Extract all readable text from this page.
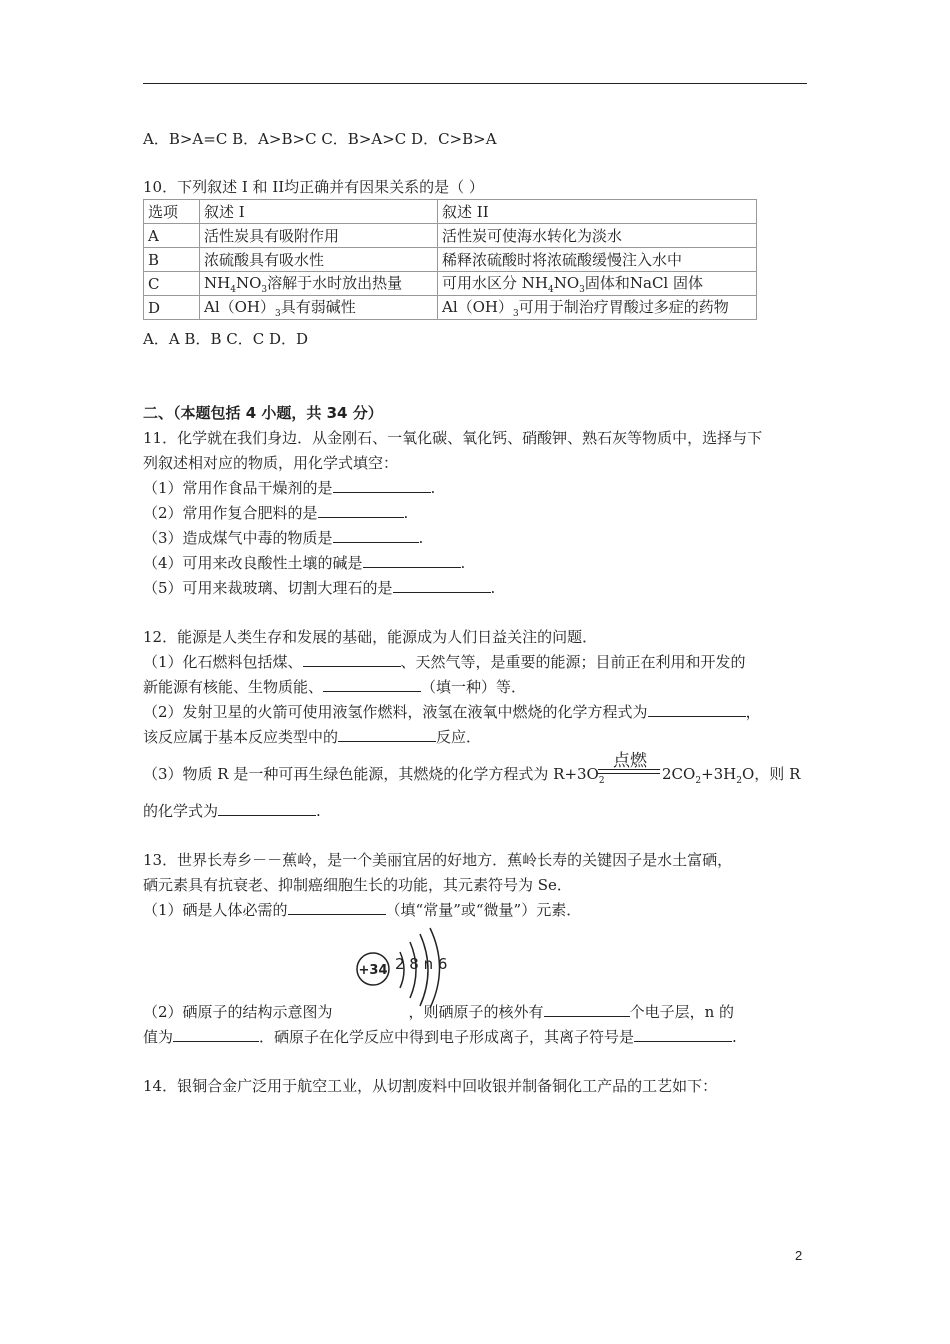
A．B>A=C B．A>B>C C．B>A>C D．C>B>A
10．下列叙述 I 和 II均正确并有因果关系的是（ ）
选项	叙述 I	叙述 II
A	活性炭具有吸附作用	活性炭可使海水转化为淡水
B	浓硫酸具有吸水性	稀释浓硫酸时将浓硫酸缓慢注入水中
C	$NH_4NO_3$溶解于水时放出热量	可用水区分 $NH_4NO_3$固体和NaCl 固体
D	$Al(OH)_3$具有弱碱性	$Al(OH)_3$可用于制治疗胃酸过多症的药物
A．A B．B C．C D．D
二、（本题包括 4 小题，共 34 分）
11．化学就在我们身边．从金刚石、一氧化碳、氧化钙、硝酸钾、熟石灰等物质中，选择与下
列叙述相对应的物质，用化学式填空：
（1）常用作食品干燥剂的是	.
（2）常用作复合肥料的是	.
（3）造成煤气中毒的物质是	.
（4）可用来改良酸性土壤的碱是	.
（5）可用来裁玻璃、切割大理石的是	.
12．能源是人类生存和发展的基础，能源成为人们日益关注的问题．
（1）化石燃料包括煤、	、天然气等，是重要的能源；目前正在利用和开发的
新能源有核能、生物质能、	（填一种）等．
（2）发射卫星的火箭可使用液氢作燃料，液氢在液氧中燃烧的化学方程式为	，
该反应属于基本反应类型中的	反应．
（3）物质 R 是一种可再生绿色能源，其燃烧的化学方程式为 $R+3O_2$
点燃
$2CO_2+3H_2O$，则 R
的化学式为	.
13．世界长寿乡－－蕉岭，是一个美丽宜居的好地方．蕉岭长寿的关键因子是水土富硒，
硒元素具有抗衰老、抑制癌细胞生长的功能，其元素符号为 Se．
（1）硒是人体必需的	（填“常量”或“微量”）元素．
+34 2 8 n 6
（2）硒原子的结构示意图为	，则硒原子的核外有	个电子层，n 的
值为	．硒原子在化学反应中得到电子形成离子，其离子符号是	.
14．银铜合金广泛用于航空工业，从切割废料中回收银并制备铜化工产品的工艺如下：
2
